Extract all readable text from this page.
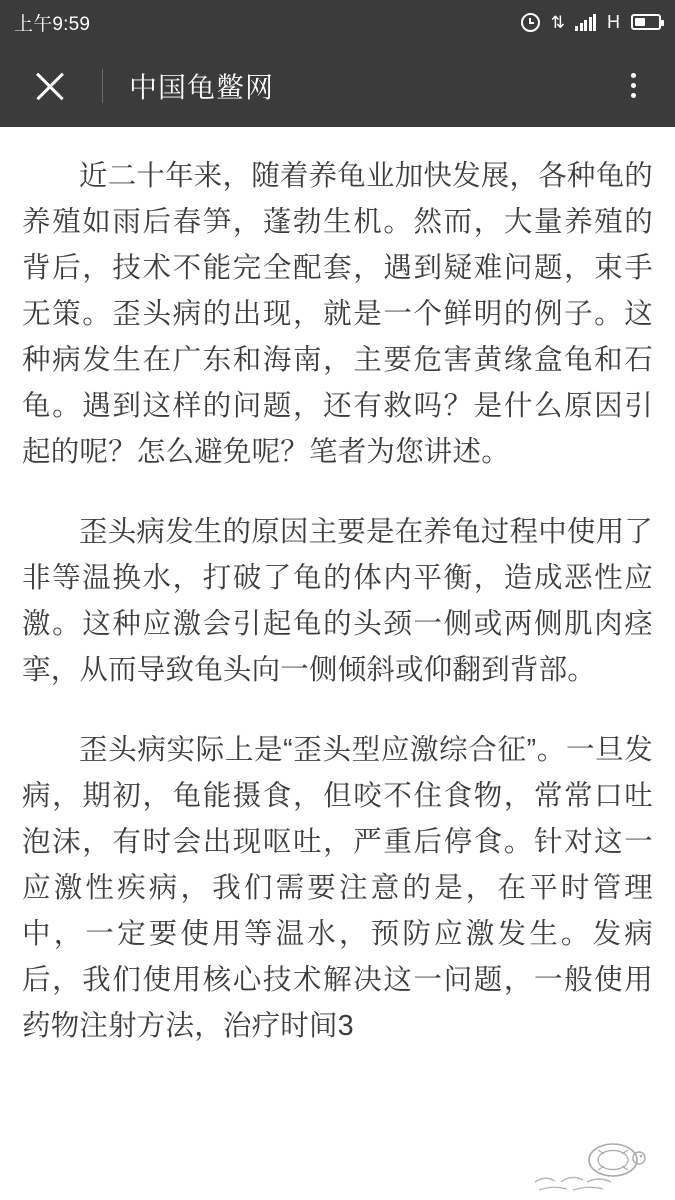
上午9:59	⇅ H
中国龟鳖网

近二十年来，随着养龟业加快发展，各种龟的养殖如雨后春笋，蓬勃生机。然而，大量养殖的背后，技术不能完全配套，遇到疑难问题，束手无策。歪头病的出现，就是一个鲜明的例子。这种病发生在广东和海南，主要危害黄缘盒龟和石龟。遇到这样的问题，还有救吗？是什么原因引起的呢？怎么避免呢？笔者为您讲述。

歪头病发生的原因主要是在养龟过程中使用了非等温换水，打破了龟的体内平衡，造成恶性应激。这种应激会引起龟的头颈一侧或两侧肌肉痉挛，从而导致龟头向一侧倾斜或仰翻到背部。

歪头病实际上是“歪头型应激综合征”。一旦发病，期初，龟能摄食，但咬不住食物，常常口吐泡沫，有时会出现呕吐，严重后停食。针对这一应激性疾病，我们需要注意的是，在平时管理中，一定要使用等温水，预防应激发生。发病后，我们使用核心技术解决这一问题，一般使用药物注射方法，治疗时间3
